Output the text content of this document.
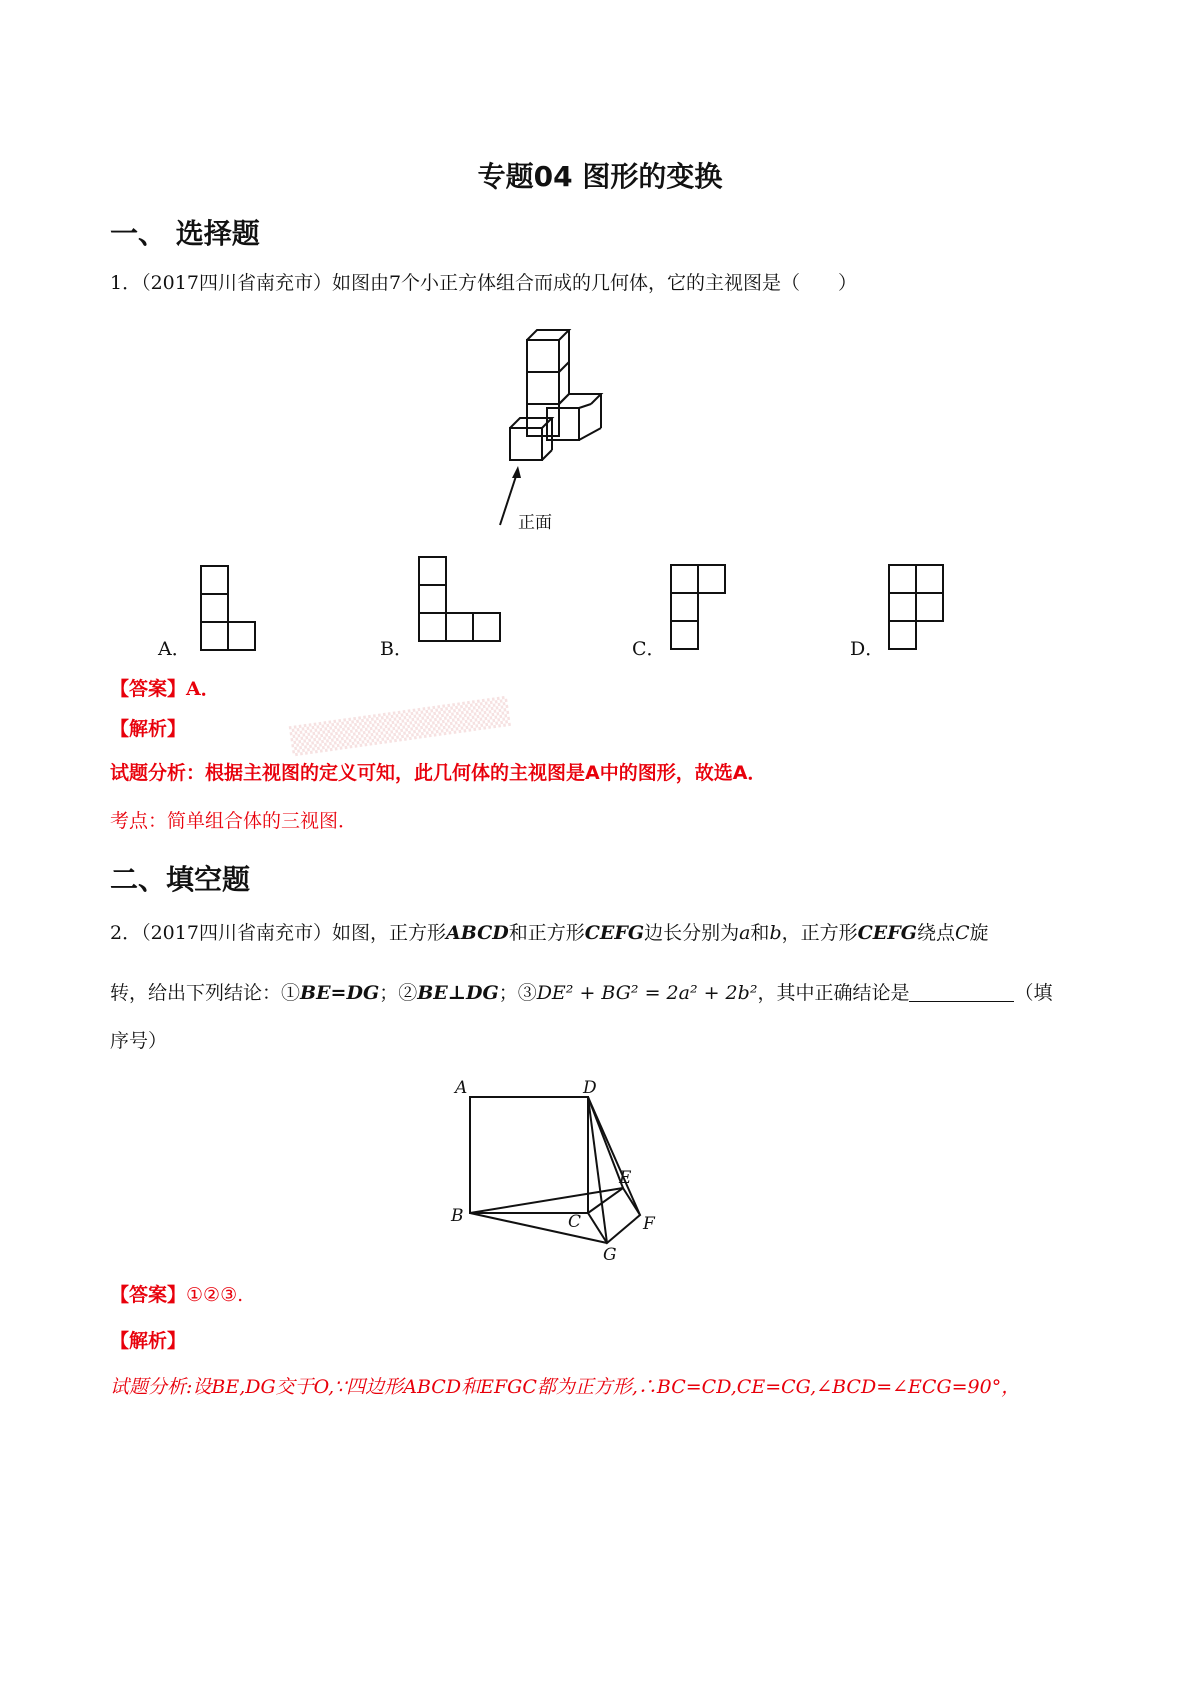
专题04 图形的变换
一、 选择题
1．（2017四川省南充市）如图由7个小正方体组合而成的几何体，它的主视图是（　　）
正面
A．	B．	C．	D．
【答案】A．
【解析】	▒▒▒▒▒▒▒▒▒▒▒
试题分析：根据主视图的定义可知，此几何体的主视图是A中的图形，故选A．
考点：简单组合体的三视图．
二、填空题
2．（2017四川省南充市）如图，正方形ABCD和正方形CEFG边长分别为a和b，正方形CEFG绕点C旋
转，给出下列结论：①BE=DG；②BE⊥DG；③DE² + BG² = 2a² + 2b²，其中正确结论是	（填
序号）
A	D
B	C
E
F
G
【答案】①②③.
【解析】
试题分析:设BE,DG交于O,∵四边形ABCD和EFGC都为正方形,∴BC=CD,CE=CG,∠BCD=∠ECG=90°，
